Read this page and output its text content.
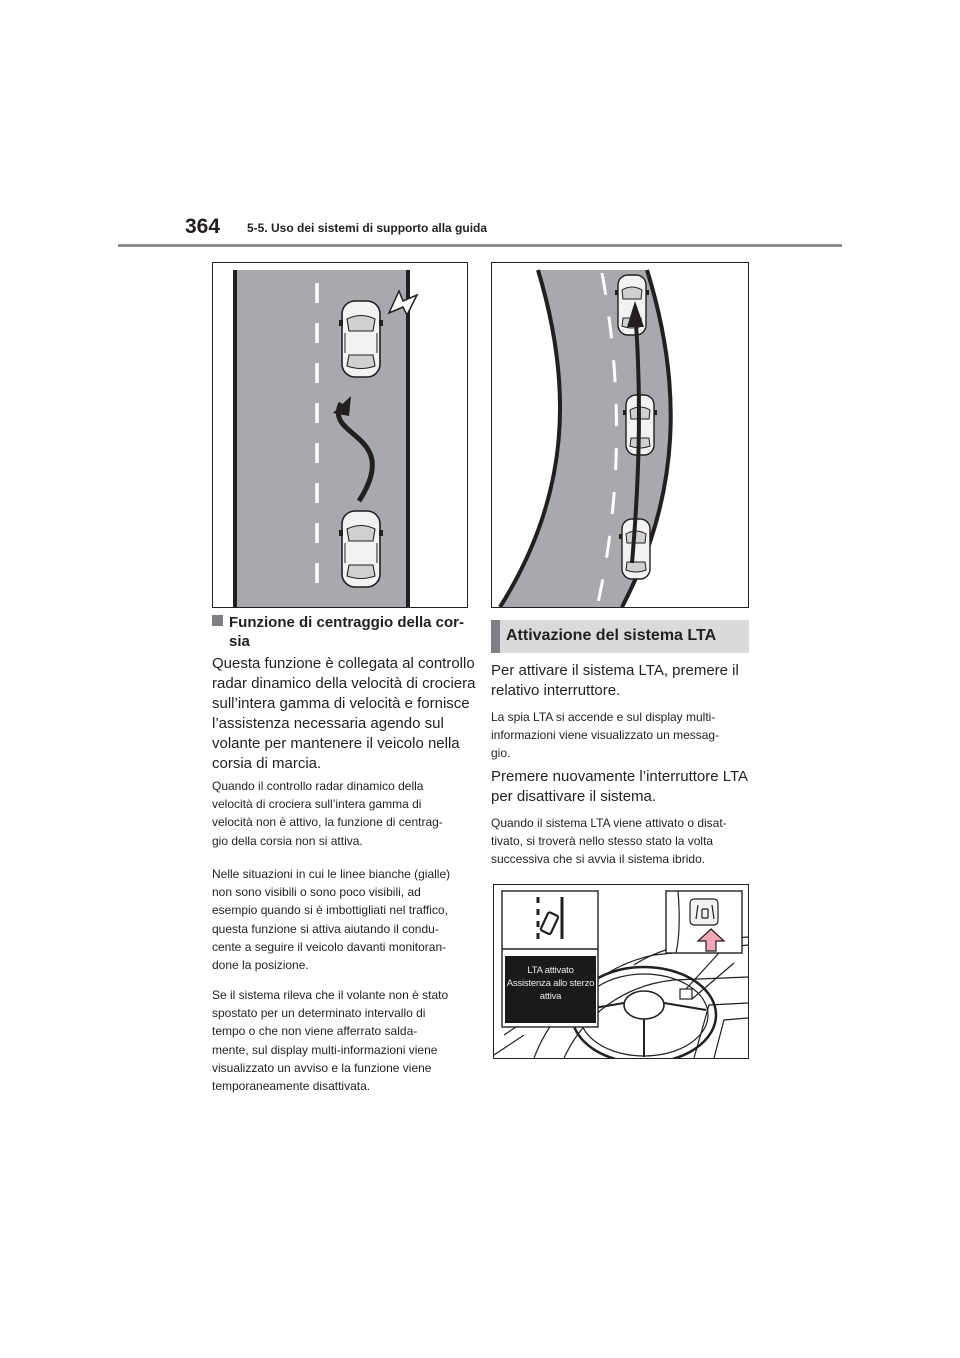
364 5-5. Uso dei sistemi di supporto alla guida
Funzione di centraggio della cor-
sia
Questa funzione è collegata al controllo
radar dinamico della velocità di crociera
sull’intera gamma di velocità e fornisce
l’assistenza necessaria agendo sul
volante per mantenere il veicolo nella
corsia di marcia.
Quando il controllo radar dinamico della
velocità di crociera sull’intera gamma di
velocità non è attivo, la funzione di centrag-
gio della corsia non si attiva.
Nelle situazioni in cui le linee bianche (gialle)
non sono visibili o sono poco visibili, ad
esempio quando si è imbottigliati nel traffico,
questa funzione si attiva aiutando il condu-
cente a seguire il veicolo davanti monitoran-
done la posizione.
Se il sistema rileva che il volante non è stato
spostato per un determinato intervallo di
tempo o che non viene afferrato salda-
mente, sul display multi-informazioni viene
visualizzato un avviso e la funzione viene
temporaneamente disattivata.
Attivazione del sistema LTA
Per attivare il sistema LTA, premere il
relativo interruttore.
La spia LTA si accende e sul display multi-
informazioni viene visualizzato un messag-
gio.
Premere nuovamente l’interruttore LTA
per disattivare il sistema.
Quando il sistema LTA viene attivato o disat-
tivato, si troverà nello stesso stato la volta
successiva che si avvia il sistema ibrido.
LTA attivato
Assistenza allo sterzo
attiva
